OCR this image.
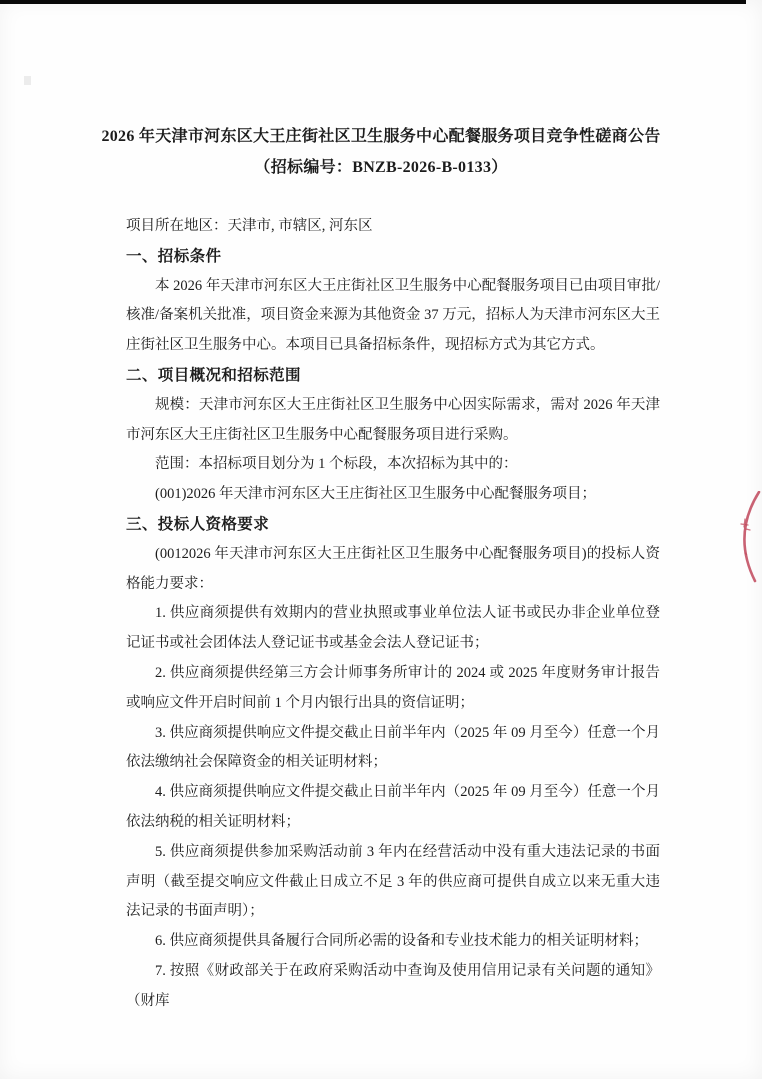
2026 年天津市河东区大王庄街社区卫生服务中心配餐服务项目竞争性磋商公告
（招标编号：BNZB-2026-B-0133）

项目所在地区：天津市, 市辖区, 河东区

一、招标条件

本 2026 年天津市河东区大王庄街社区卫生服务中心配餐服务项目已由项目审批/核准/备案机关批准，项目资金来源为其他资金 37 万元，招标人为天津市河东区大王庄街社区卫生服务中心。本项目已具备招标条件，现招标方式为其它方式。

二、项目概况和招标范围

规模：天津市河东区大王庄街社区卫生服务中心因实际需求，需对 2026 年天津市河东区大王庄街社区卫生服务中心配餐服务项目进行采购。

范围：本招标项目划分为 1 个标段，本次招标为其中的：

(001)2026 年天津市河东区大王庄街社区卫生服务中心配餐服务项目；

三、投标人资格要求

(0012026 年天津市河东区大王庄街社区卫生服务中心配餐服务项目)的投标人资格能力要求：

1. 供应商须提供有效期内的营业执照或事业单位法人证书或民办非企业单位登记证书或社会团体法人登记证书或基金会法人登记证书；

2. 供应商须提供经第三方会计师事务所审计的 2024 或 2025 年度财务审计报告或响应文件开启时间前 1 个月内银行出具的资信证明；

3. 供应商须提供响应文件提交截止日前半年内（2025 年 09 月至今）任意一个月依法缴纳社会保障资金的相关证明材料；

4. 供应商须提供响应文件提交截止日前半年内（2025 年 09 月至今）任意一个月依法纳税的相关证明材料；

5. 供应商须提供参加采购活动前 3 年内在经营活动中没有重大违法记录的书面声明（截至提交响应文件截止日成立不足 3 年的供应商可提供自成立以来无重大违法记录的书面声明）；

6. 供应商须提供具备履行合同所必需的设备和专业技术能力的相关证明材料；

7. 按照《财政部关于在政府采购活动中查询及使用信用记录有关问题的通知》（财库
